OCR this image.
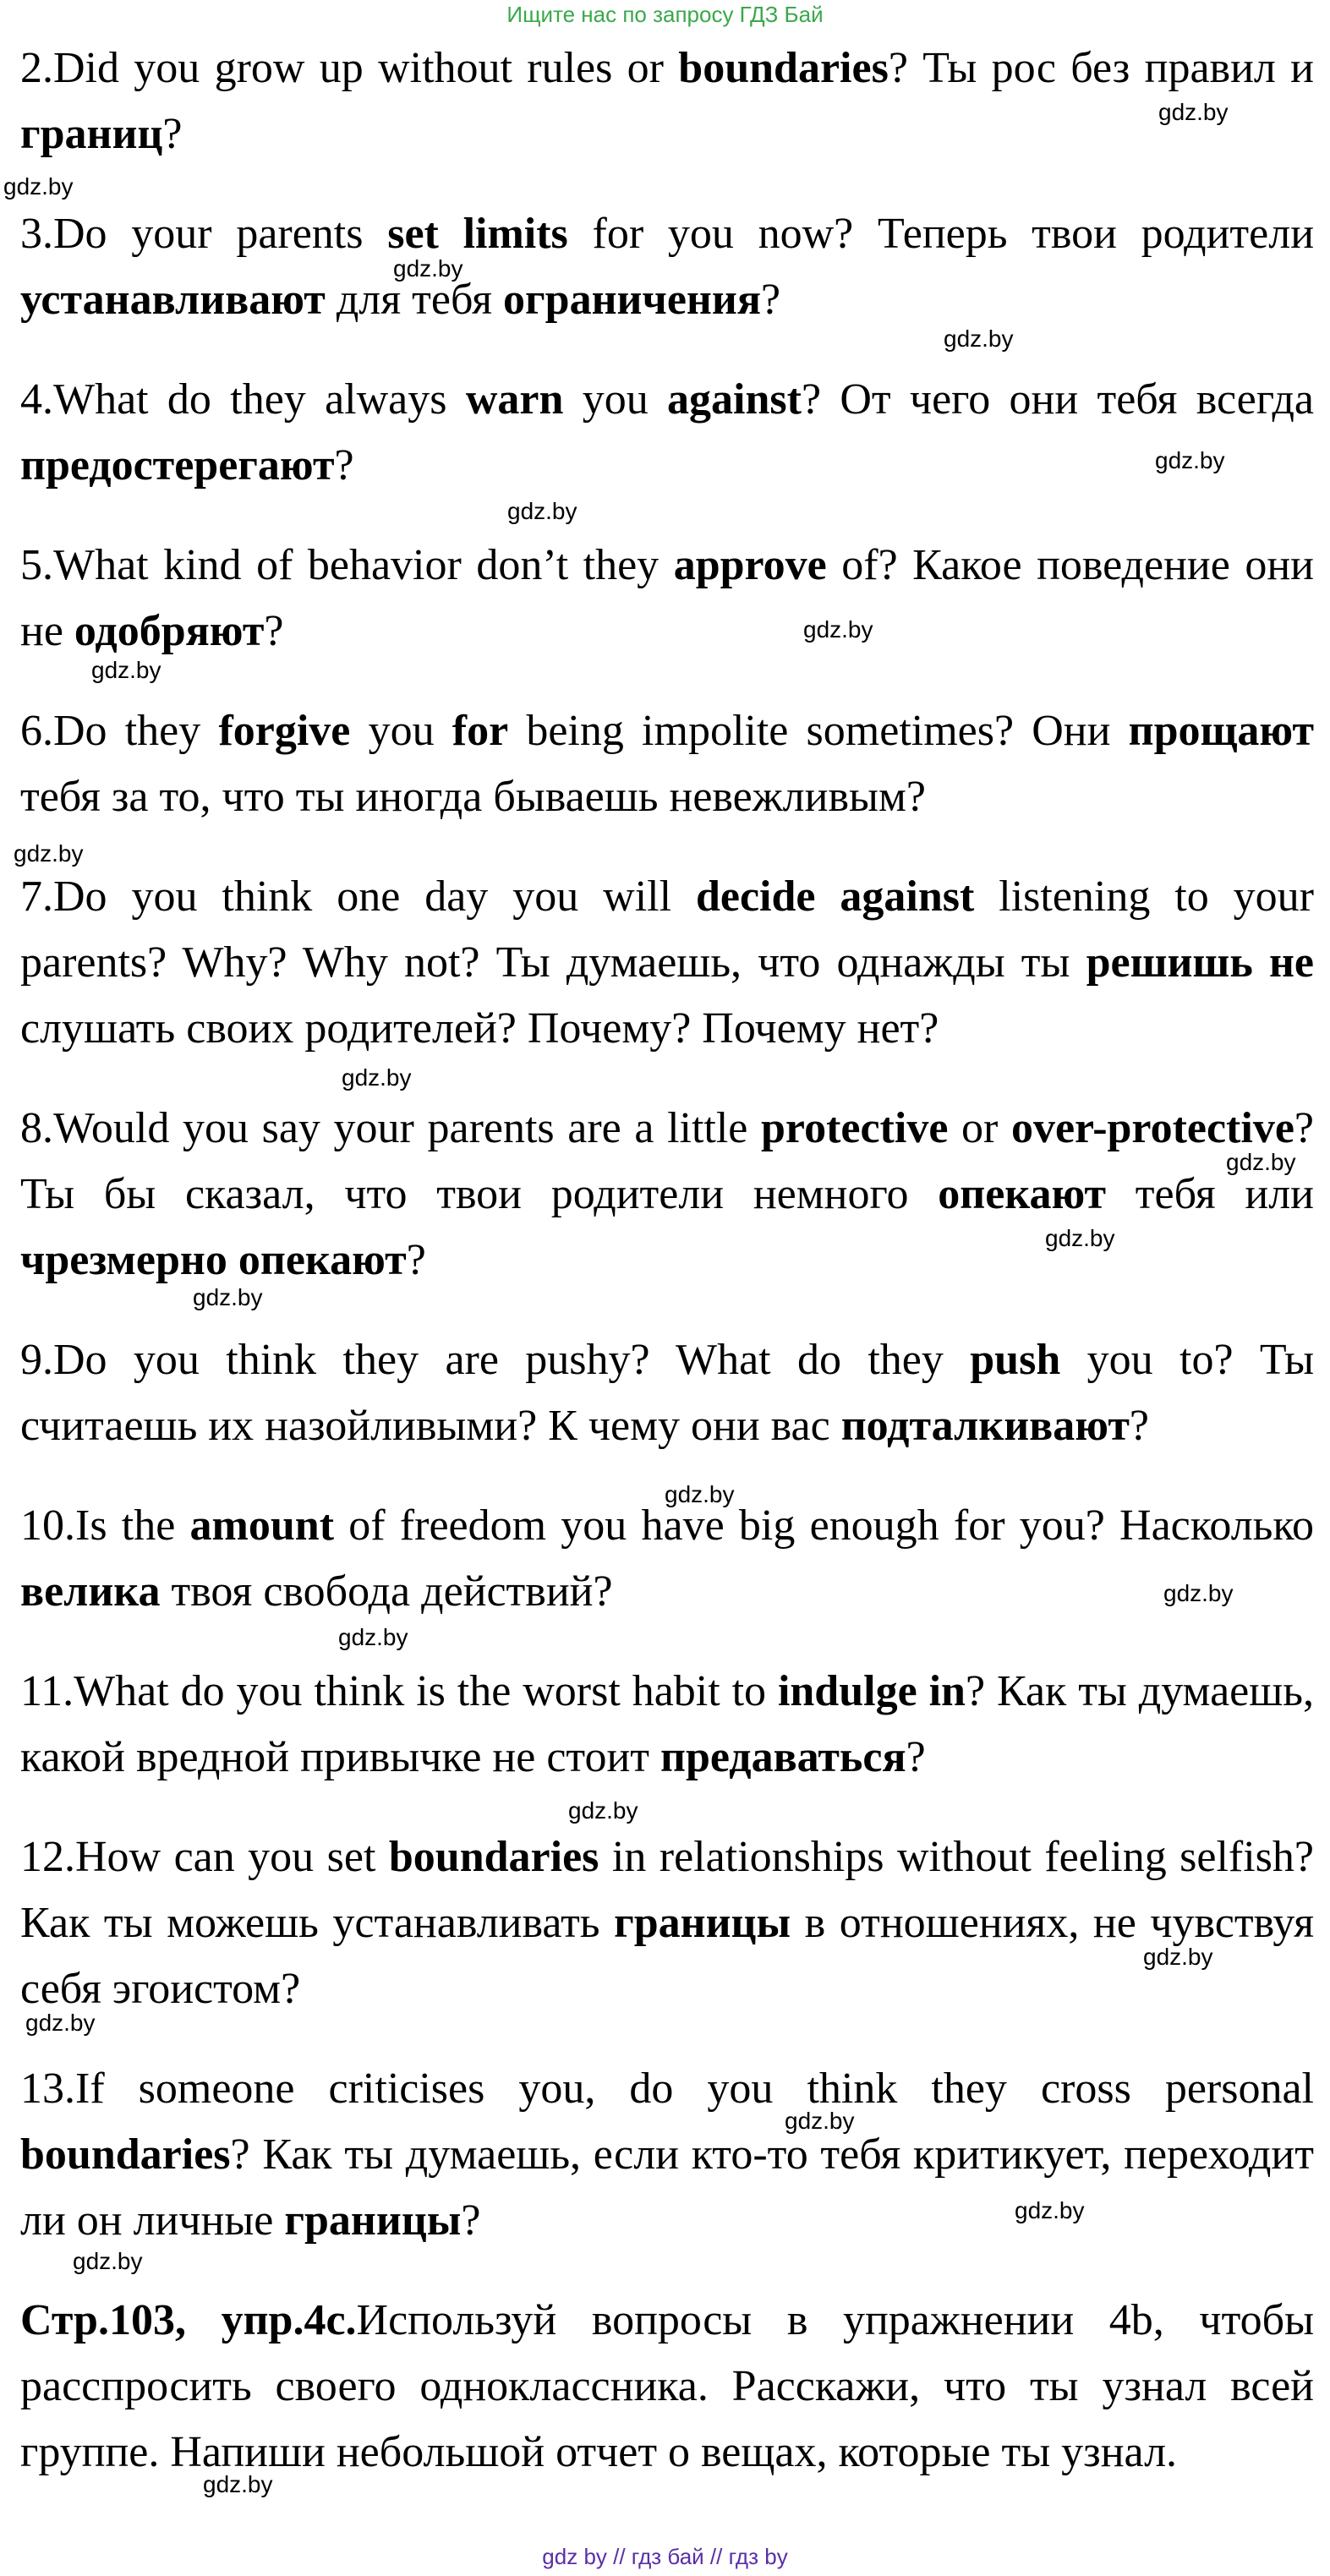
Ищите нас по запросу ГДЗ Бай

2.Did you grow up without rules or boundaries? Ты рос без правил и границ?

3.Do your parents set limits for you now? Теперь твои родители устанавливают для тебя ограничения?

4.What do they always warn you against? От чего они тебя всегда предостерегают?

5.What kind of behavior don’t they approve of? Какое поведение они не одобряют?

6.Do they forgive you for being impolite sometimes? Они прощают тебя за то, что ты иногда бываешь невежливым?

7.Do you think one day you will decide against listening to your parents? Why? Why not? Ты думаешь, что однажды ты решишь не слушать своих родителей? Почему? Почему нет?

8.Would you say your parents are a little protective or over-protective? Ты бы сказал, что твои родители немного опекают тебя или чрезмерно опекают?

9.Do you think they are pushy? What do they push you to? Ты считаешь их назойливыми? К чему они вас подталкивают?

10.Is the amount of freedom you have big enough for you? Насколько велика твоя свобода действий?

11.What do you think is the worst habit to indulge in? Как ты думаешь, какой вредной привычке не стоит предаваться?

12.How can you set boundaries in relationships without feeling selfish? Как ты можешь устанавливать границы в отношениях, не чувствуя себя эгоистом?

13.If someone criticises you, do you think they cross personal boundaries? Как ты думаешь, если кто-то тебя критикует, переходит ли он личные границы?

Стр.103, упр.4c.Используй вопросы в упражнении 4b, чтобы расспросить своего одноклассника. Расскажи, что ты узнал всей группе. Напиши небольшой отчет о вещах, которые ты узнал.

gdz.by
gdz.by
gdz.by
gdz.by
gdz.by
gdz.by
gdz.by
gdz.by
gdz.by
gdz.by
gdz.by
gdz.by
gdz.by
gdz.by
gdz.by
gdz.by
gdz.by
gdz.by
gdz.by
gdz.by
gdz.by
gdz.by
gdz.by
gdz by // гдз бай // гдз by
